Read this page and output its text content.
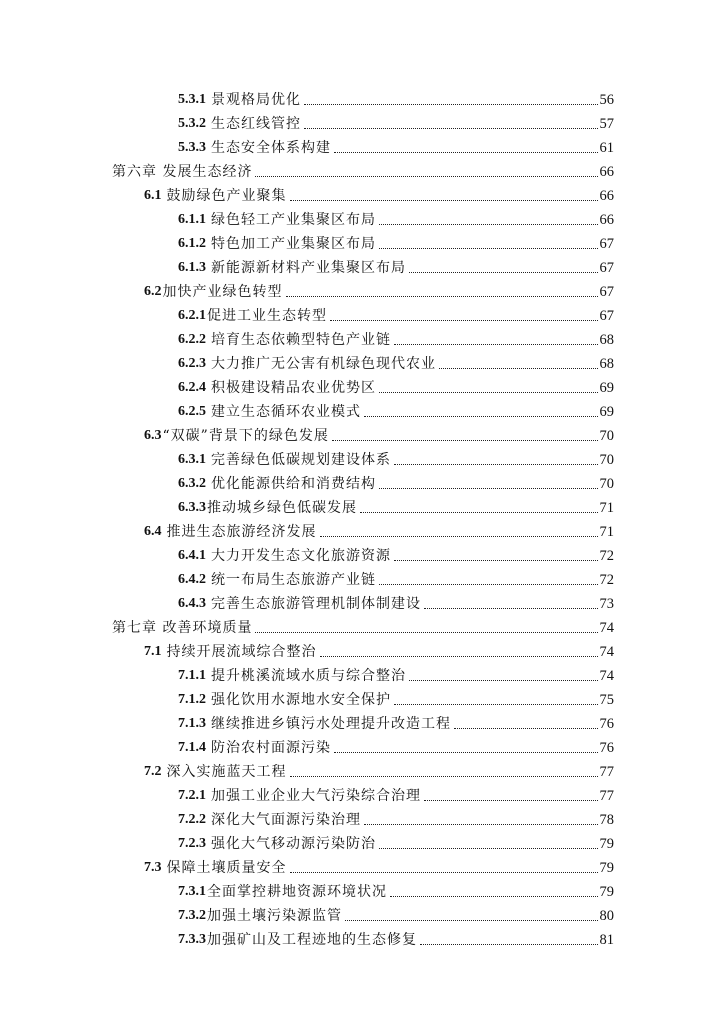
5.3.1 景观格局优化	56
5.3.2 生态红线管控	57
5.3.3 生态安全体系构建	61
第六章 发展生态经济	66
6.1 鼓励绿色产业聚集	66
6.1.1 绿色轻工产业集聚区布局	66
6.1.2 特色加工产业集聚区布局	67
6.1.3 新能源新材料产业集聚区布局	67
6.2 加快产业绿色转型	67
6.2.1 促进工业生态转型	67
6.2.2 培育生态依赖型特色产业链	68
6.2.3 大力推广无公害有机绿色现代农业	68
6.2.4 积极建设精品农业优势区	69
6.2.5 建立生态循环农业模式	69
6.3 “双碳”背景下的绿色发展	70
6.3.1 完善绿色低碳规划建设体系	70
6.3.2 优化能源供给和消费结构	70
6.3.3 推动城乡绿色低碳发展	71
6.4 推进生态旅游经济发展	71
6.4.1 大力开发生态文化旅游资源	72
6.4.2 统一布局生态旅游产业链	72
6.4.3 完善生态旅游管理机制体制建设	73
第七章 改善环境质量	74
7.1 持续开展流域综合整治	74
7.1.1 提升桃溪流域水质与综合整治	74
7.1.2 强化饮用水源地水安全保护	75
7.1.3 继续推进乡镇污水处理提升改造工程	76
7.1.4 防治农村面源污染	76
7.2 深入实施蓝天工程	77
7.2.1 加强工业企业大气污染综合治理	77
7.2.2 深化大气面源污染治理	78
7.2.3 强化大气移动源污染防治	79
7.3 保障土壤质量安全	79
7.3.1 全面掌控耕地资源环境状况	79
7.3.2 加强土壤污染源监管	80
7.3.3 加强矿山及工程迹地的生态修复	81
